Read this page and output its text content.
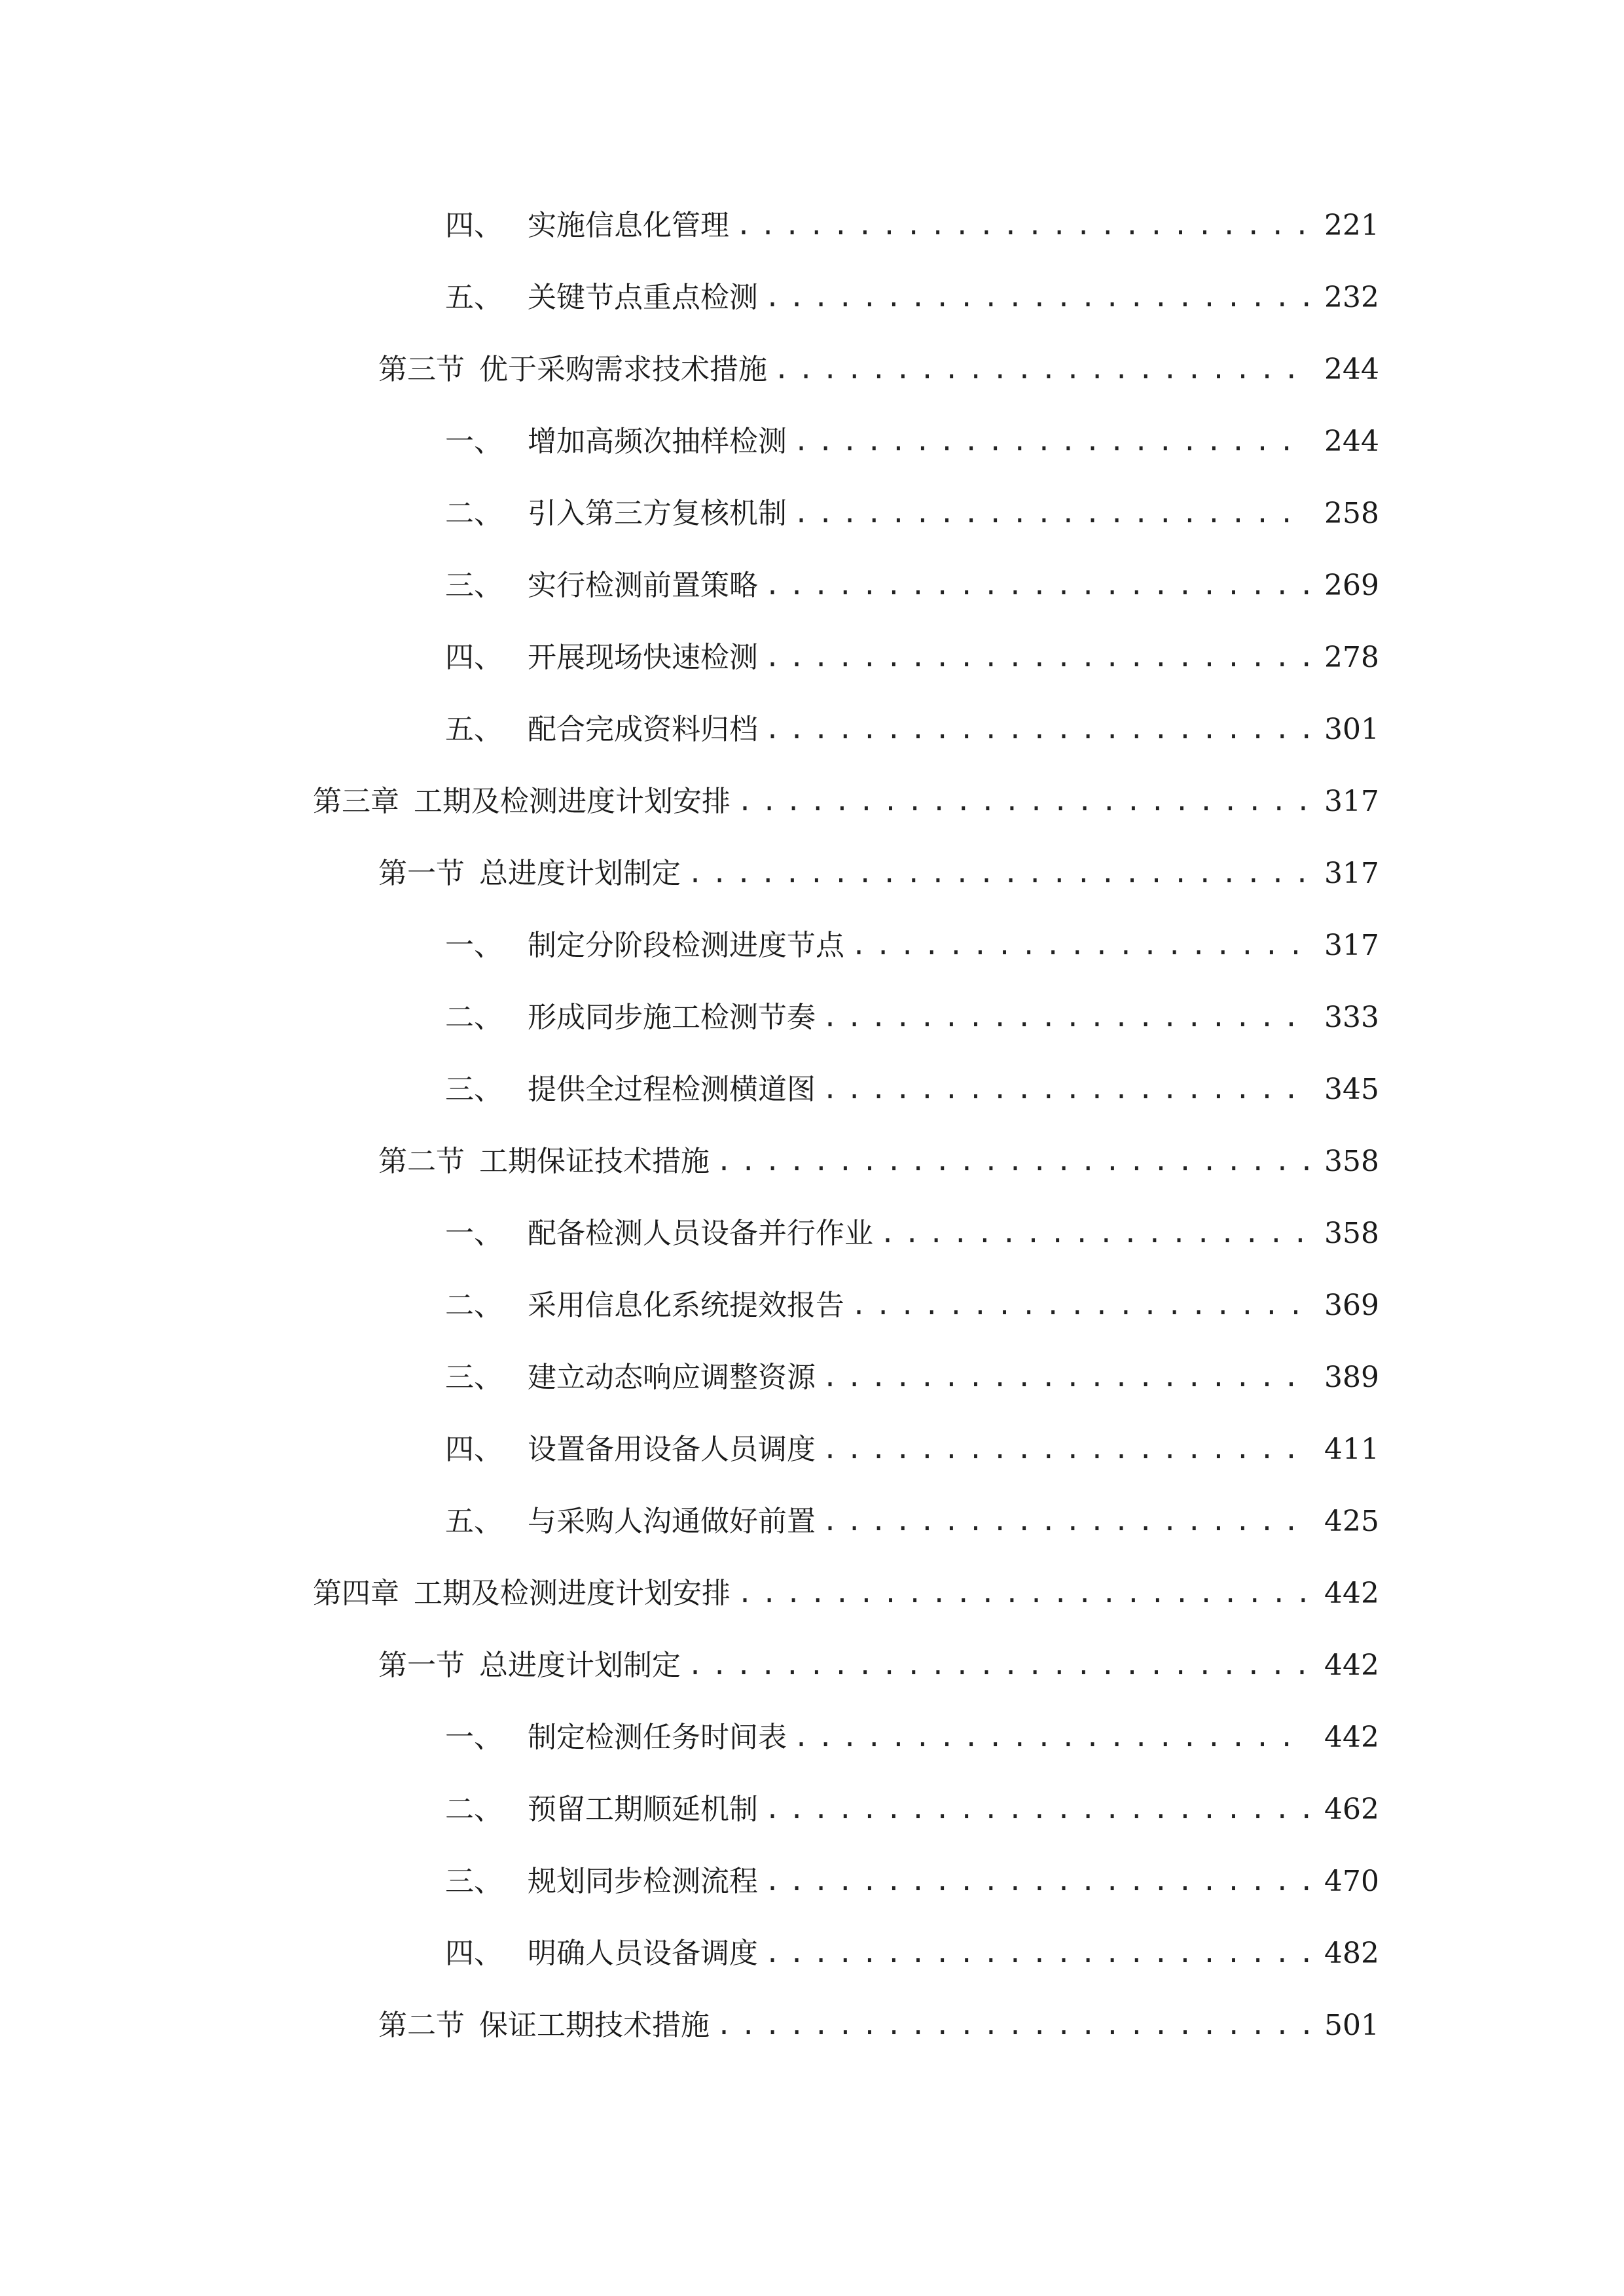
四、 实施信息化管理 .....	221
五、 关键节点重点检测 .....	232
第三节 优于采购需求技术措施 .....	244
一、 增加高频次抽样检测 .....	244
二、 引入第三方复核机制 .....	258
三、 实行检测前置策略 .....	269
四、 开展现场快速检测 .....	278
五、 配合完成资料归档 .....	301
第三章 工期及检测进度计划安排 .....	317
第一节 总进度计划制定 .....	317
一、 制定分阶段检测进度节点 .....	317
二、 形成同步施工检测节奏 .....	333
三、 提供全过程检测横道图 .....	345
第二节 工期保证技术措施 .....	358
一、 配备检测人员设备并行作业 .....	358
二、 采用信息化系统提效报告 .....	369
三、 建立动态响应调整资源 .....	389
四、 设置备用设备人员调度 .....	411
五、 与采购人沟通做好前置 .....	425
第四章 工期及检测进度计划安排 .....	442
第一节 总进度计划制定 .....	442
一、 制定检测任务时间表 .....	442
二、 预留工期顺延机制 .....	462
三、 规划同步检测流程 .....	470
四、 明确人员设备调度 .....	482
第二节 保证工期技术措施 .....	501
